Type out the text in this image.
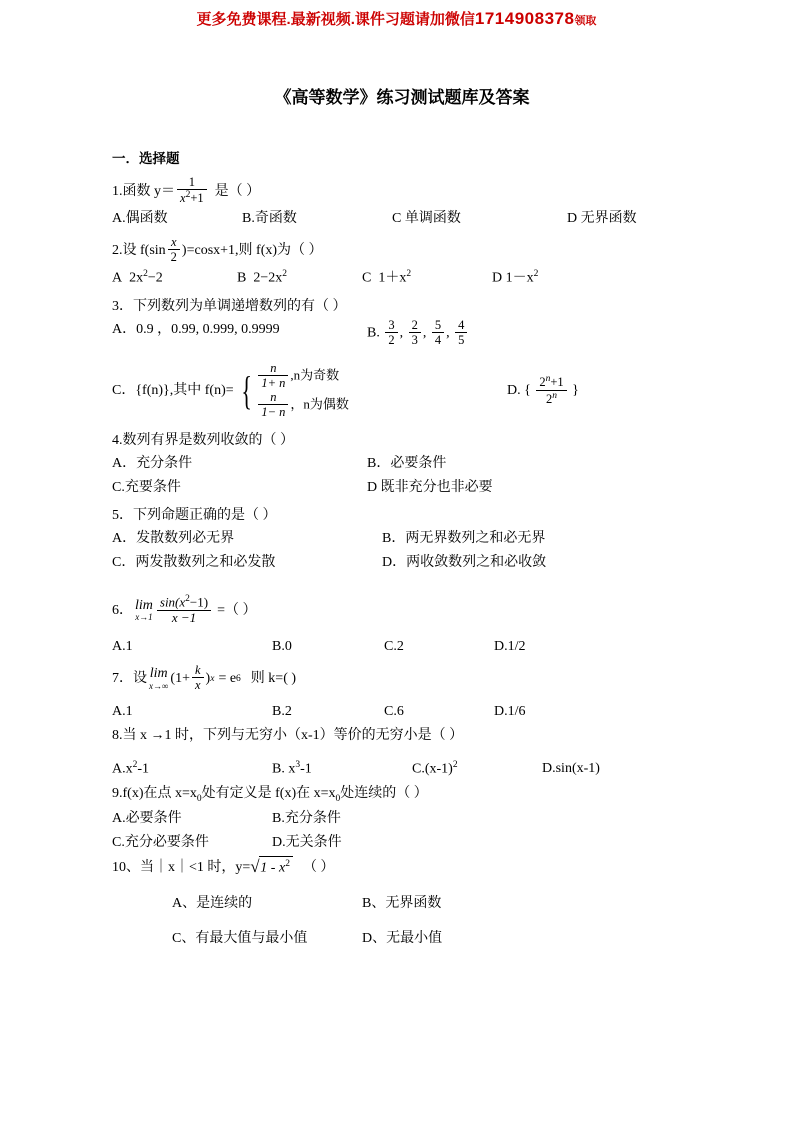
更多免费课程.最新视频.课件习题请加微信1714908378领取
《高等数学》练习测试题库及答案
一．选择题
1.函数 $y= \frac{1}{x^2+1}$ 是（ ）
A.偶函数	B.奇函数	C 单调函数	D 无界函数
2.设 $f(\sin \frac{x}{2} )=\cos x+1$,则 f(x)为（ ）
A $2x^2-2$	B $2-2x^2$	C $1+x^2$	D $1-x^2$
3．下列数列为单调递增数列的有（ ）
A．0.9 ，0.99, 0.999, 0.9999	B. $\frac{3}{2}$ , $\frac{2}{3}$ , $\frac{5}{4}$ , $\frac{4}{5}$
C．{f(n)},其中 f(n)= { $\frac{n}{1+ n} ,n$为奇数
$\frac{n}{1- n}$ ，n为偶数
D. { $\frac{2^n+1}{2^n}$ }
4.数列有界是数列收敛的（ ）
A．充分条件	B．必要条件
C.充要条件	D 既非充分也非必要
5．下列命题正确的是（ ）
A．发散数列必无界	B．两无界数列之和必无界
C．两发散数列之和必发散	D．两收敛数列之和必收敛
6． lim
$x\to 1 \frac{\sin(x^2-1)}{x -1}$ =（ ）
A.1	B.0	C.2	D.1/2
7．设 lim
x→∞ ($1+ \frac{k}{x}$ ) x = e 6 则 k=( )
A.1	B.2	C.6	D.1/6
8.当 x →1 时，下列与无穷小（x-1）等价的无穷小是（ ）
$A.x^2-1$	B. $x^3-1$	$C.(x-1)^2$	D.sin(x-1)
9.f(x)在点 $x=x_0$处有定义是 f(x)在 $x=x_0$处连续的（ ）
A.必要条件	B.充分条件
C.充分必要条件	D.无关条件
10、当｜x｜<1 时，y= √ $1 - x^2$ （ ）
A、是连续的	B、无界函数
C、有最大值与最小值	D、无最小值
